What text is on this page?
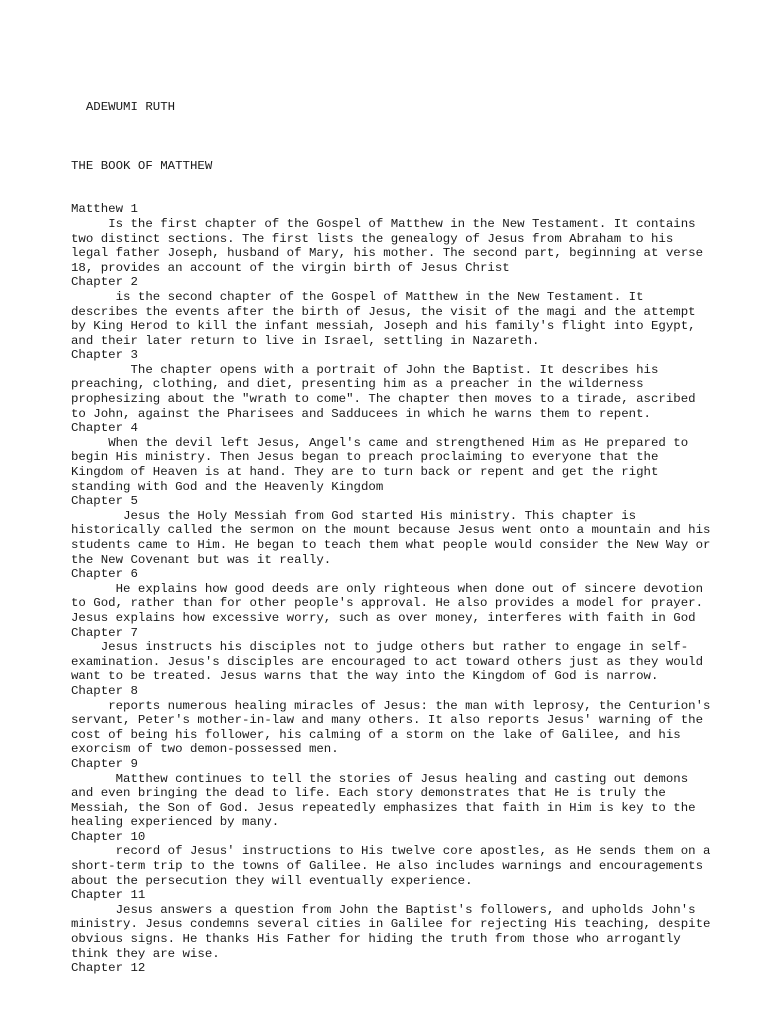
ADEWUMI RUTH

THE BOOK OF MATTHEW

Matthew 1
Is the first chapter of the Gospel of Matthew in the New Testament. It contains two distinct sections. The first lists the genealogy of Jesus from Abraham to his legal father Joseph, husband of Mary, his mother. The second part, beginning at verse 18, provides an account of the virgin birth of Jesus Christ
Chapter 2
is the second chapter of the Gospel of Matthew in the New Testament. It describes the events after the birth of Jesus, the visit of the magi and the attempt by King Herod to kill the infant messiah, Joseph and his family's flight into Egypt, and their later return to live in Israel, settling in Nazareth.
Chapter 3
The chapter opens with a portrait of John the Baptist. It describes his preaching, clothing, and diet, presenting him as a preacher in the wilderness prophesizing about the "wrath to come". The chapter then moves to a tirade, ascribed to John, against the Pharisees and Sadducees in which he warns them to repent.
Chapter 4
When the devil left Jesus, Angel's came and strengthened Him as He prepared to begin His ministry. Then Jesus began to preach proclaiming to everyone that the Kingdom of Heaven is at hand. They are to turn back or repent and get the right standing with God and the Heavenly Kingdom
Chapter 5
Jesus the Holy Messiah from God started His ministry. This chapter is historically called the sermon on the mount because Jesus went onto a mountain and his students came to Him. He began to teach them what people would consider the New Way or the New Covenant but was it really.
Chapter 6
He explains how good deeds are only righteous when done out of sincere devotion to God, rather than for other people's approval. He also provides a model for prayer. Jesus explains how excessive worry, such as over money, interferes with faith in God
Chapter 7
Jesus instructs his disciples not to judge others but rather to engage in self-examination. Jesus's disciples are encouraged to act toward others just as they would want to be treated. Jesus warns that the way into the Kingdom of God is narrow.
Chapter 8
reports numerous healing miracles of Jesus: the man with leprosy, the Centurion's servant, Peter's mother-in-law and many others. It also reports Jesus' warning of the cost of being his follower, his calming of a storm on the lake of Galilee, and his exorcism of two demon-possessed men.
Chapter 9
Matthew continues to tell the stories of Jesus healing and casting out demons and even bringing the dead to life. Each story demonstrates that He is truly the Messiah, the Son of God. Jesus repeatedly emphasizes that faith in Him is key to the healing experienced by many.
Chapter 10
record of Jesus' instructions to His twelve core apostles, as He sends them on a short-term trip to the towns of Galilee. He also includes warnings and encouragements about the persecution they will eventually experience.
Chapter 11
Jesus answers a question from John the Baptist's followers, and upholds John's ministry. Jesus condemns several cities in Galilee for rejecting His teaching, despite obvious signs. He thanks His Father for hiding the truth from those who arrogantly think they are wise.
Chapter 12
